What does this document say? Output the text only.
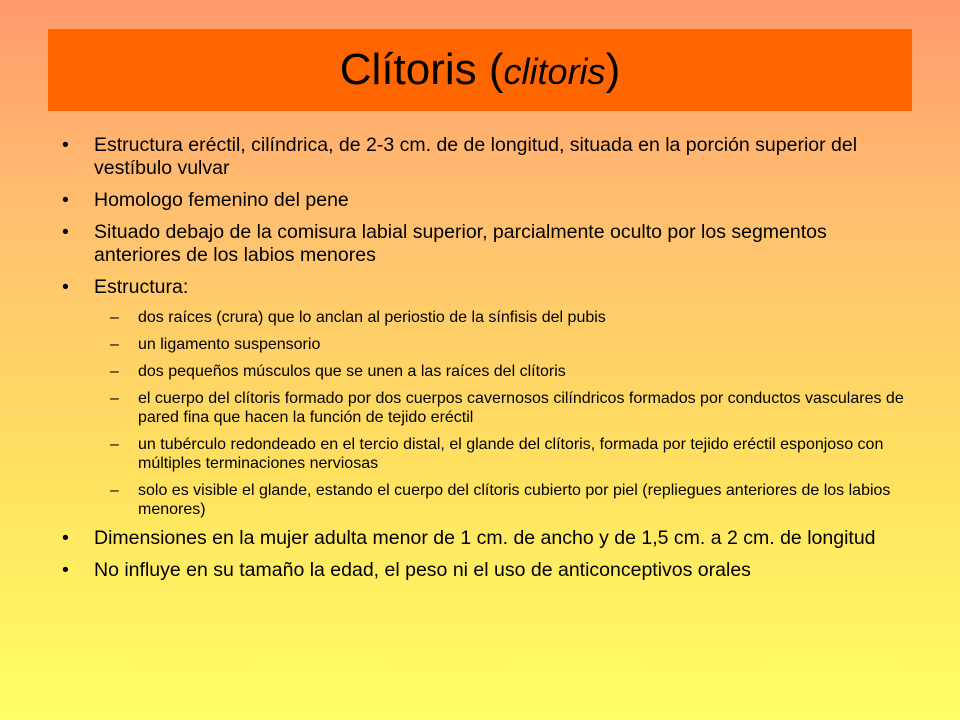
Clítoris (clitoris)
• Estructura eréctil, cilíndrica, de 2-3 cm. de de longitud, situada en la porción superior del vestíbulo vulvar
• Homologo femenino del pene
• Situado debajo de la comisura labial superior, parcialmente oculto por los segmentos anteriores de los labios menores
• Estructura:
– dos raíces (crura) que lo anclan al periostio de la sínfisis del pubis
– un ligamento suspensorio
– dos pequeños músculos que se unen a las raíces del clítoris
– el cuerpo del clítoris formado por dos cuerpos cavernosos cilíndricos formados por conductos vasculares de pared fina que hacen la función de tejido eréctil
– un tubérculo redondeado en el tercio distal, el glande del clítoris, formada por tejido eréctil esponjoso con múltiples terminaciones nerviosas
– solo es visible el glande, estando el cuerpo del clítoris cubierto por piel (repliegues anteriores de los labios menores)
• Dimensiones en la mujer adulta menor de 1 cm. de ancho y de 1,5 cm. a 2 cm. de longitud
• No influye en su tamaño la edad, el peso ni el uso de anticonceptivos orales
